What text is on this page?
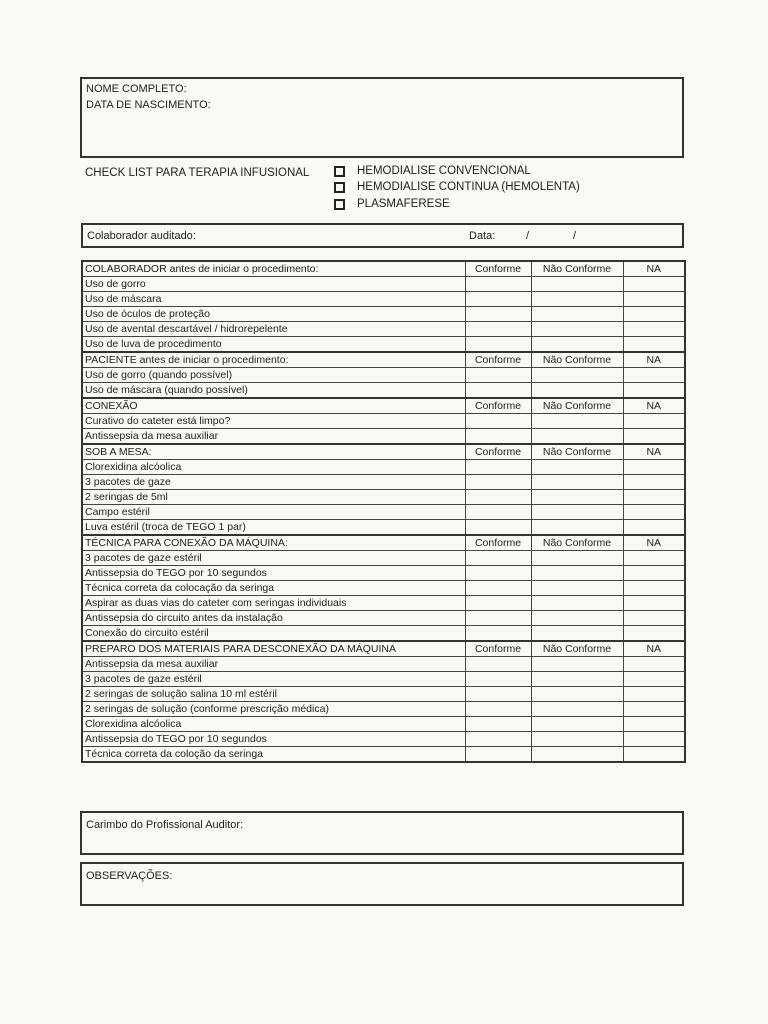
NOME COMPLETO:
DATA DE NASCIMENTO:
CHECK LIST PARA TERAPIA INFUSIONAL	HEMODIALISE CONVENCIONAL
HEMODIALISE CONTINUA (HEMOLENTA)
PLASMAFERESE
Colaborador auditado:	Data:	/	/
COLABORADOR antes de iniciar o procedimento:	Conforme	Não Conforme	NA
Uso de gorro			
Uso de máscara			
Uso de óculos de proteção			
Uso de avental descartável / hidrorepelente			
Uso de luva de procedimento			
PACIENTE antes de iniciar o procedimento:	Conforme	Não Conforme	NA
Uso de gorro (quando possível)			
Uso de máscara (quando possível)			
CONEXÃO	Conforme	Não Conforme	NA
Curativo do cateter está limpo?			
Antissepsia da mesa auxiliar			
SOB A MESA:	Conforme	Não Conforme	NA
Clorexidina alcóolica			
3 pacotes de gaze			
2 seringas de 5ml			
Campo estéril			
Luva estéril (troca de TEGO 1 par)			
TÉCNICA PARA CONEXÃO DA MÁQUINA:	Conforme	Não Conforme	NA
3 pacotes de gaze estéril			
Antissepsia do TEGO por 10 segundos			
Técnica correta da colocação da seringa			
Aspirar as duas vias do cateter com seringas individuais			
Antissepsia do circuito antes da instalação			
Conexão do circuito estéril			
PREPARO DOS MATERIAIS PARA DESCONEXÃO DA MÁQUINA	Conforme	Não Conforme	NA
Antissepsia da mesa auxiliar			
3 pacotes de gaze estéril			
2 seringas de solução salina 10 ml estéril			
2 seringas de solução (conforme prescrição médica)			
Clorexidina alcóolica			
Antissepsia do TEGO por 10 segundos			
Técnica correta da coloção da seringa			
Carimbo do Profissional Auditor:
OBSERVAÇÕES:
